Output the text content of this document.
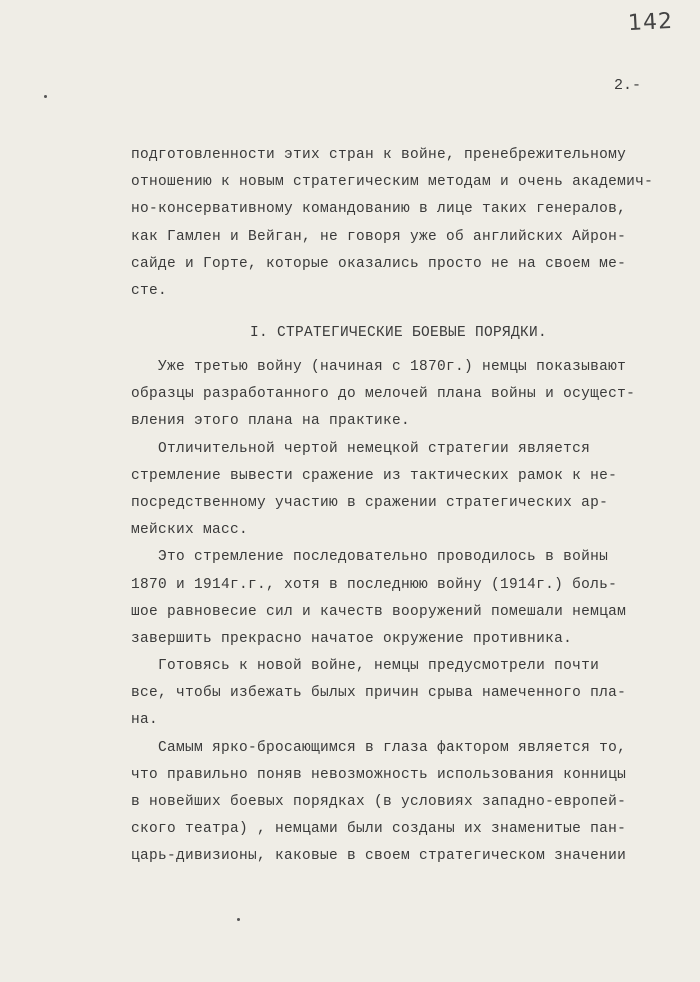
142
2.-
подготовленности этих стран к войне, пренебрежительному
отношению к новым стратегическим методам и очень академич-
но-консервативному командованию в лице таких генералов,
как Гамлен и Вейган, не говоря уже об английских Айрон-
сайде и Горте, которые оказались просто не на своем ме-
сте.
I. СТРАТЕГИЧЕСКИЕ БОЕВЫЕ ПОРЯДКИ.
Уже третью войну (начиная с 1870г.) немцы показывают
образцы разработанного до мелочей плана войны и осущест-
вления этого плана на практике.
Отличительной чертой немецкой стратегии является
стремление вывести сражение из тактических рамок к не-
посредственному участию в сражении стратегических ар-
мейских масс.
Это стремление последовательно проводилось в войны
1870 и 1914г.г., хотя в последнюю войну (1914г.) боль-
шое равновесие сил и качеств вооружений помешали немцам
завершить прекрасно начатое окружение противника.
Готовясь к новой войне, немцы предусмотрели почти
все, чтобы избежать былых причин срыва намеченного пла-
на.
Самым ярко-бросающимся в глаза фактором является то,
что правильно поняв невозможность использования конницы
в новейших боевых порядках (в условиях западно-европей-
ского театра) , немцами были созданы их знаменитые пан-
царь-дивизионы, каковые в своем стратегическом значении
